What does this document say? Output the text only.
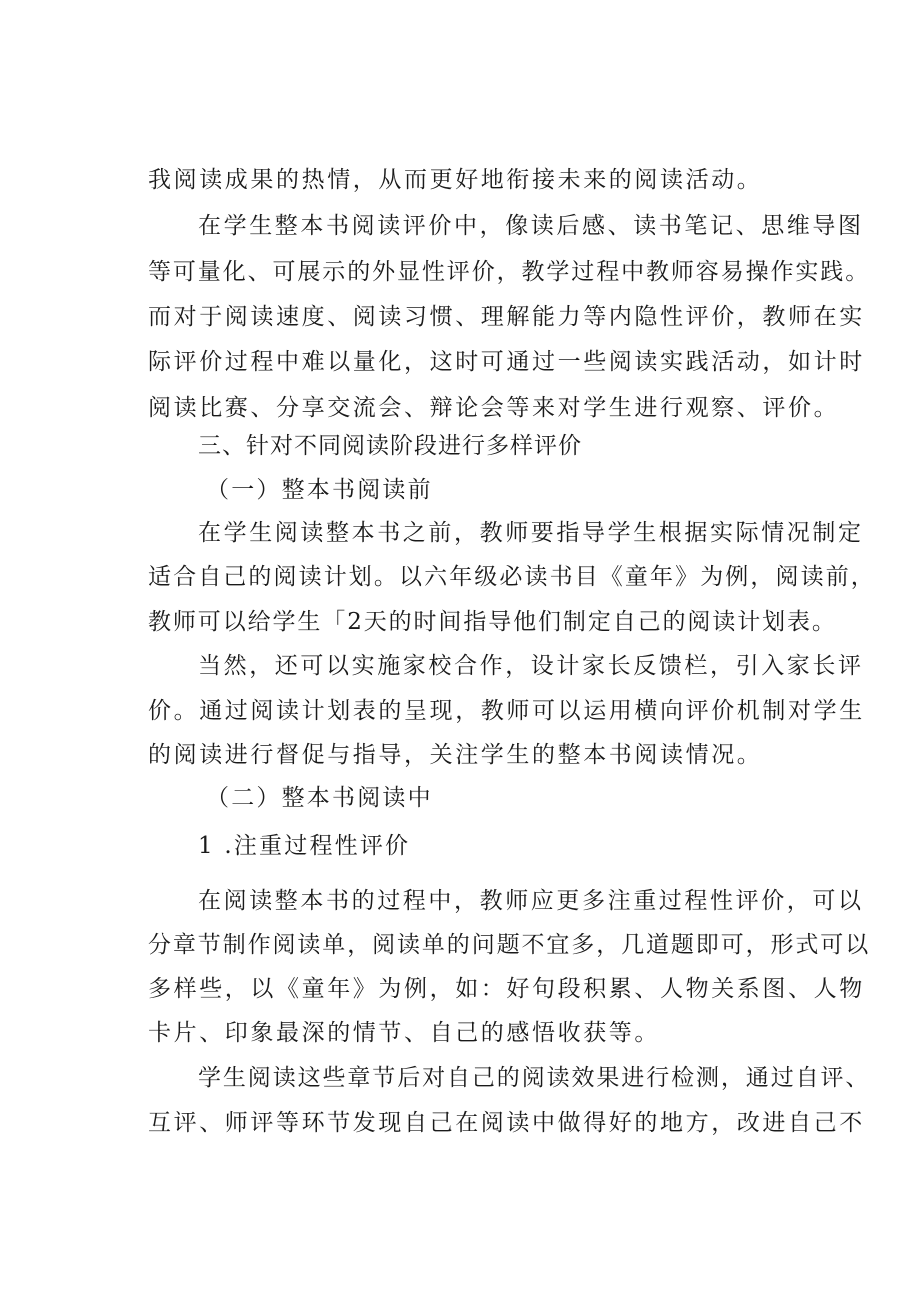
我阅读成果的热情，从而更好地衔接未来的阅读活动。
在学生整本书阅读评价中，像读后感、读书笔记、思维导图
等可量化、可展示的外显性评价，教学过程中教师容易操作实践。
而对于阅读速度、阅读习惯、理解能力等内隐性评价，教师在实
际评价过程中难以量化，这时可通过一些阅读实践活动，如计时
阅读比赛、分享交流会、辩论会等来对学生进行观察、评价。
三、针对不同阅读阶段进行多样评价
（一）整本书阅读前
在学生阅读整本书之前，教师要指导学生根据实际情况制定
适合自己的阅读计划。以六年级必读书目《童年》为例，阅读前，
教师可以给学生「2天的时间指导他们制定自己的阅读计划表。
当然，还可以实施家校合作，设计家长反馈栏，引入家长评
价。通过阅读计划表的呈现，教师可以运用横向评价机制对学生
的阅读进行督促与指导，关注学生的整本书阅读情况。
（二）整本书阅读中
1 .注重过程性评价
在阅读整本书的过程中，教师应更多注重过程性评价，可以
分章节制作阅读单，阅读单的问题不宜多，几道题即可，形式可以
多样些，以《童年》为例，如：好句段积累、人物关系图、人物
卡片、印象最深的情节、自己的感悟收获等。
学生阅读这些章节后对自己的阅读效果进行检测，通过自评、
互评、师评等环节发现自己在阅读中做得好的地方，改进自己不
